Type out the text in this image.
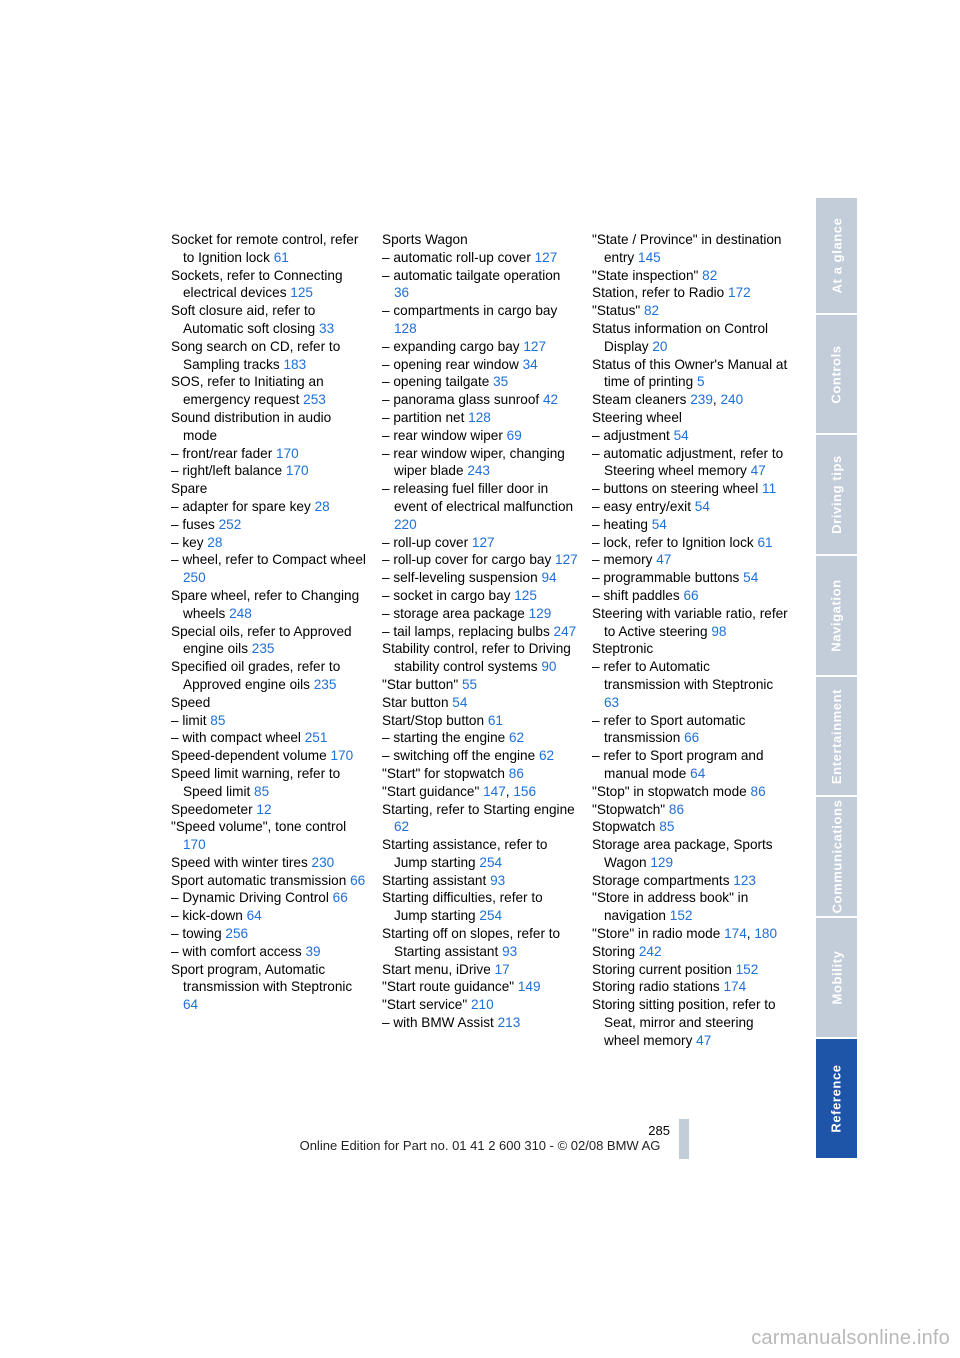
Socket for remote control, refer to Ignition lock 61
Sockets, refer to Connecting electrical devices 125
Soft closure aid, refer to Automatic soft closing 33
Song search on CD, refer to Sampling tracks 183
SOS, refer to Initiating an emergency request 253
Sound distribution in audio mode
– front/rear fader 170
– right/left balance 170
Spare
– adapter for spare key 28
– fuses 252
– key 28
– wheel, refer to Compact wheel 250
Spare wheel, refer to Changing wheels 248
Special oils, refer to Approved engine oils 235
Specified oil grades, refer to Approved engine oils 235
Speed
– limit 85
– with compact wheel 251
Speed-dependent volume 170
Speed limit warning, refer to Speed limit 85
Speedometer 12
"Speed volume", tone control 170
Speed with winter tires 230
Sport automatic transmission 66
– Dynamic Driving Control 66
– kick-down 64
– towing 256
– with comfort access 39
Sport program, Automatic transmission with Steptronic 64
Sports Wagon
– automatic roll-up cover 127
– automatic tailgate operation 36
– compartments in cargo bay 128
– expanding cargo bay 127
– opening rear window 34
– opening tailgate 35
– panorama glass sunroof 42
– partition net 128
– rear window wiper 69
– rear window wiper, changing wiper blade 243
– releasing fuel filler door in event of electrical malfunction 220
– roll-up cover 127
– roll-up cover for cargo bay 127
– self-leveling suspension 94
– socket in cargo bay 125
– storage area package 129
– tail lamps, replacing bulbs 247
Stability control, refer to Driving stability control systems 90
"Star button" 55
Star button 54
Start/Stop button 61
– starting the engine 62
– switching off the engine 62
"Start" for stopwatch 86
"Start guidance" 147, 156
Starting, refer to Starting engine 62
Starting assistance, refer to Jump starting 254
Starting assistant 93
Starting difficulties, refer to Jump starting 254
Starting off on slopes, refer to Starting assistant 93
Start menu, iDrive 17
"Start route guidance" 149
"Start service" 210
– with BMW Assist 213
"State / Province" in destination entry 145
"State inspection" 82
Station, refer to Radio 172
"Status" 82
Status information on Control Display 20
Status of this Owner's Manual at time of printing 5
Steam cleaners 239, 240
Steering wheel
– adjustment 54
– automatic adjustment, refer to Steering wheel memory 47
– buttons on steering wheel 11
– easy entry/exit 54
– heating 54
– lock, refer to Ignition lock 61
– memory 47
– programmable buttons 54
– shift paddles 66
Steering with variable ratio, refer to Active steering 98
Steptronic
– refer to Automatic transmission with Steptronic 63
– refer to Sport automatic transmission 66
– refer to Sport program and manual mode 64
"Stop" in stopwatch mode 86
"Stopwatch" 86
Stopwatch 85
Storage area package, Sports Wagon 129
Storage compartments 123
"Store in address book" in navigation 152
"Store" in radio mode 174, 180
Storing 242
Storing current position 152
Storing radio stations 174
Storing sitting position, refer to Seat, mirror and steering wheel memory 47
At a glance
Controls
Driving tips
Navigation
Entertainment
Communications
Mobility
Reference
285
Online Edition for Part no. 01 41 2 600 310 - © 02/08 BMW AG
carmanualsonline.info
